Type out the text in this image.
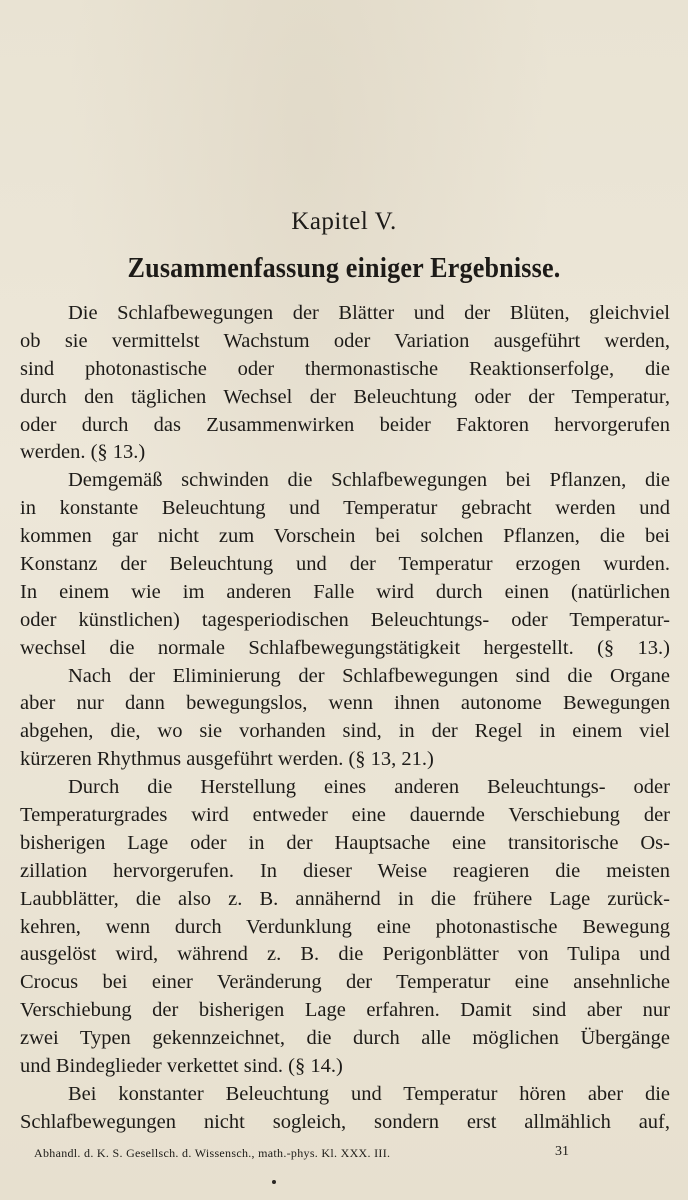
Kapitel V.
Zusammenfassung einiger Ergebnisse.
Die Schlafbewegungen der Blätter und der Blüten, gleichviel
ob sie vermittelst Wachstum oder Variation ausgeführt werden,
sind photonastische oder thermonastische Reaktionserfolge, die
durch den täglichen Wechsel der Beleuchtung oder der Temperatur,
oder durch das Zusammenwirken beider Faktoren hervorgerufen
werden. (§ 13.)
Demgemäß schwinden die Schlafbewegungen bei Pflanzen, die
in konstante Beleuchtung und Temperatur gebracht werden und
kommen gar nicht zum Vorschein bei solchen Pflanzen, die bei
Konstanz der Beleuchtung und der Temperatur erzogen wurden.
In einem wie im anderen Falle wird durch einen (natürlichen
oder künstlichen) tagesperiodischen Beleuchtungs- oder Temperatur-
wechsel die normale Schlafbewegungstätigkeit hergestellt. (§ 13.)
Nach der Eliminierung der Schlafbewegungen sind die Organe
aber nur dann bewegungslos, wenn ihnen autonome Bewegungen
abgehen, die, wo sie vorhanden sind, in der Regel in einem viel
kürzeren Rhythmus ausgeführt werden. (§ 13, 21.)
Durch die Herstellung eines anderen Beleuchtungs- oder
Temperaturgrades wird entweder eine dauernde Verschiebung der
bisherigen Lage oder in der Hauptsache eine transitorische Os-
zillation hervorgerufen. In dieser Weise reagieren die meisten
Laubblätter, die also z. B. annähernd in die frühere Lage zurück-
kehren, wenn durch Verdunklung eine photonastische Bewegung
ausgelöst wird, während z. B. die Perigonblätter von Tulipa und
Crocus bei einer Veränderung der Temperatur eine ansehnliche
Verschiebung der bisherigen Lage erfahren. Damit sind aber nur
zwei Typen gekennzeichnet, die durch alle möglichen Übergänge
und Bindeglieder verkettet sind. (§ 14.)
Bei konstanter Beleuchtung und Temperatur hören aber die
Schlafbewegungen nicht sogleich, sondern erst allmählich auf,
Abhandl. d. K. S. Gesellsch. d. Wissensch., math.-phys. Kl. XXX. III.	31
